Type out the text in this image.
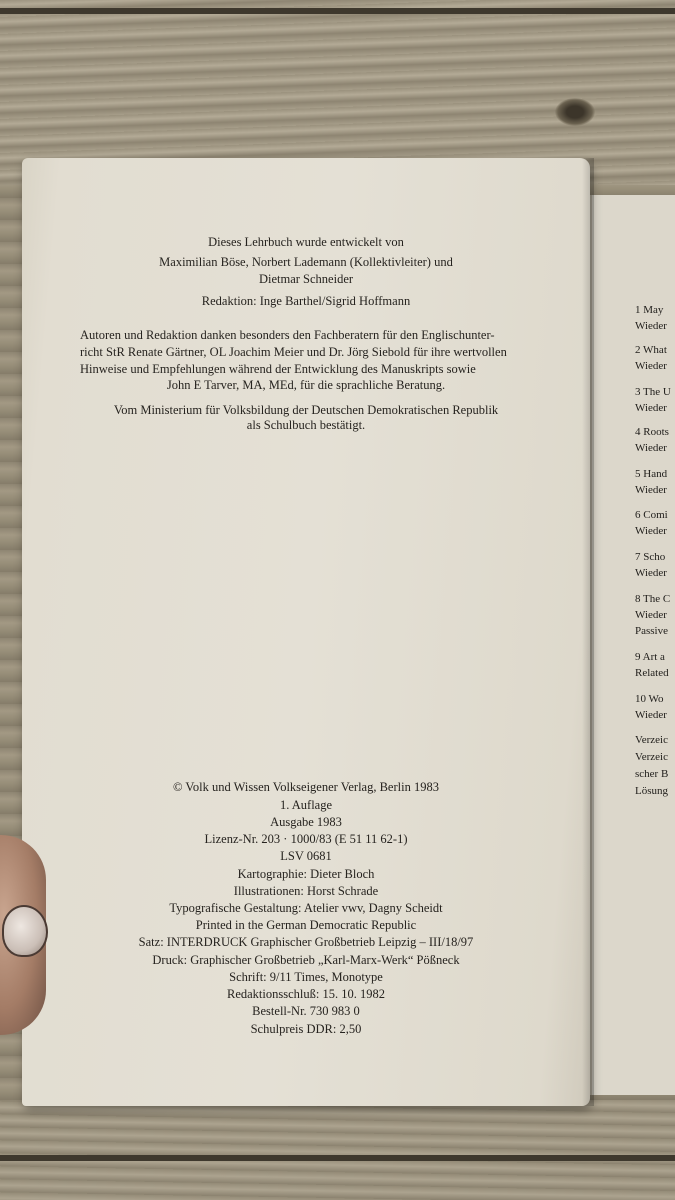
1 May
Wieder
2 What
Wieder
3 The U
Wieder
4 Roots
Wieder
5 Hand
Wieder
6 Comi
Wieder
7 Scho
Wieder
8 The C
Wieder
Passive
9 Art a
Related
10 Wo
Wieder
Verzeic
Verzeic
scher B
Lösung
Dieses Lehrbuch wurde entwickelt von
Maximilian Böse, Norbert Lademann (Kollektivleiter) und
Dietmar Schneider
Redaktion: Inge Barthel/Sigrid Hoffmann
Autoren und Redaktion danken besonders den Fachberatern für den Englischunter-
richt StR Renate Gärtner, OL Joachim Meier und Dr. Jörg Siebold für ihre wertvollen
Hinweise und Empfehlungen während der Entwicklung des Manuskripts sowie
John E Tarver, MA, MEd, für die sprachliche Beratung.
Vom Ministerium für Volksbildung der Deutschen Demokratischen Republik
als Schulbuch bestätigt.
© Volk und Wissen Volkseigener Verlag, Berlin 1983
1. Auflage
Ausgabe 1983
Lizenz-Nr. 203 · 1000/83 (E 51 11 62-1)
LSV 0681
Kartographie: Dieter Bloch
Illustrationen: Horst Schrade
Typografische Gestaltung: Atelier vwv, Dagny Scheidt
Printed in the German Democratic Republic
Satz: INTERDRUCK Graphischer Großbetrieb Leipzig – III/18/97
Druck: Graphischer Großbetrieb „Karl-Marx-Werk“ Pößneck
Schrift: 9/11 Times, Monotype
Redaktionsschluß: 15. 10. 1982
Bestell-Nr. 730 983 0
Schulpreis DDR: 2,50
